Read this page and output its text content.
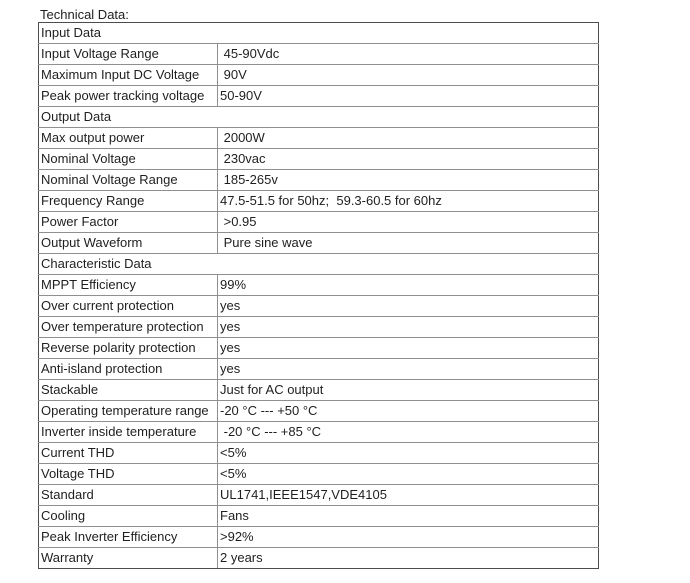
Technical Data:
Input Data	
Input Voltage Range	45-90Vdc
Maximum Input DC Voltage	90V
Peak power tracking voltage	50-90V
Output Data	
Max output power	2000W
Nominal Voltage	230vac
Nominal Voltage Range	185-265v
Frequency Range	47.5-51.5 for 50hz;  59.3-60.5 for 60hz
Power Factor	>0.95
Output Waveform	Pure sine wave
Characteristic Data	
MPPT Efficiency	99%
Over current protection	yes
Over temperature protection	yes
Reverse polarity protection	yes
Anti-island protection	yes
Stackable	Just for AC output
Operating temperature range	-20 °C --- +50 °C
Inverter inside temperature	-20 °C --- +85 °C
Current THD	<5%
Voltage THD	<5%
Standard	UL1741,IEEE1547,VDE4105
Cooling	Fans
Peak Inverter Efficiency	>92%
Warranty	2 years
